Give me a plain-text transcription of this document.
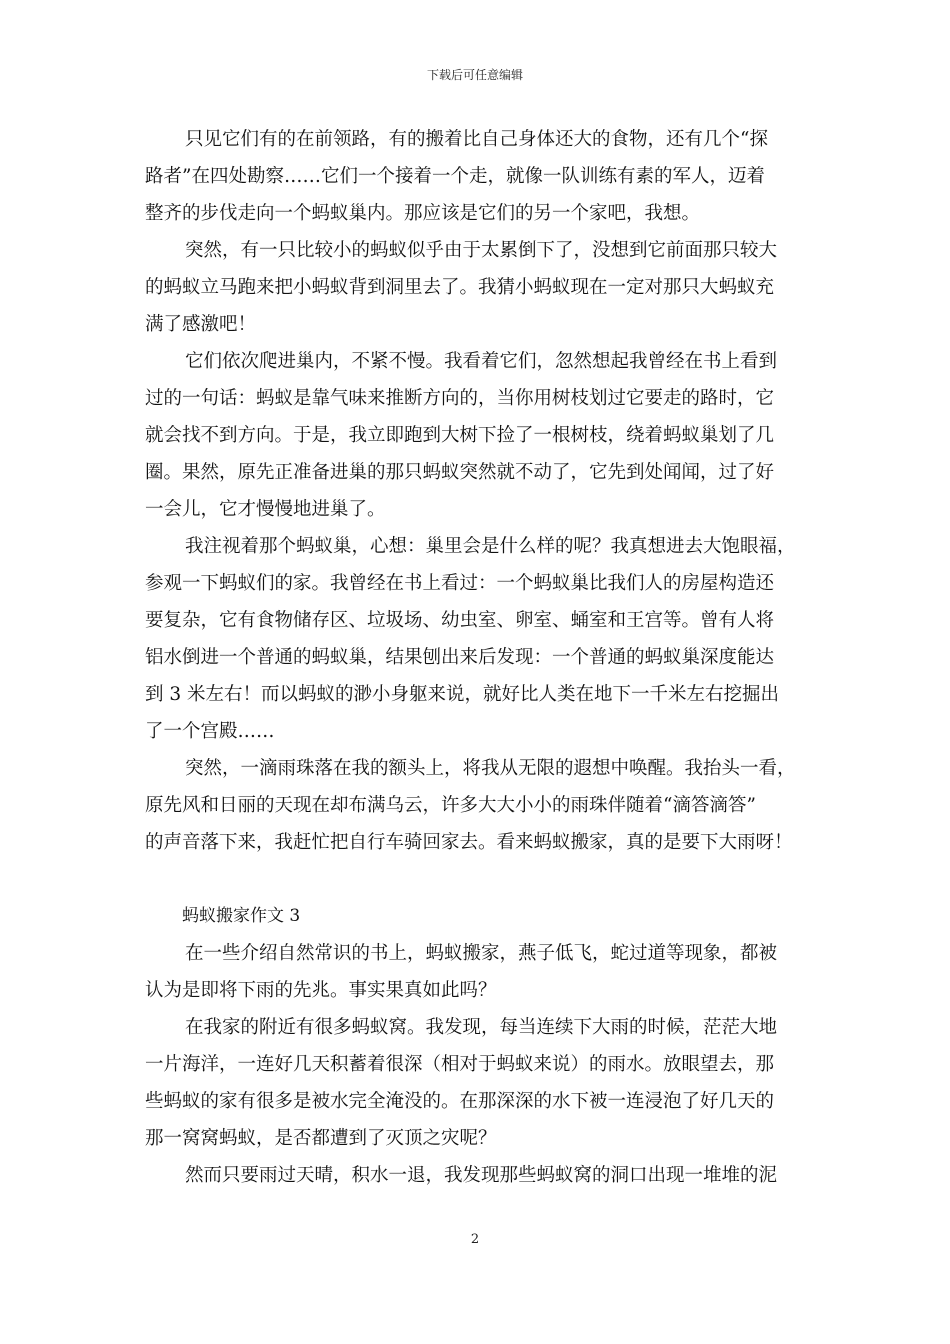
下载后可任意编辑
只见它们有的在前领路，有的搬着比自己身体还大的食物，还有几个“探
路者”在四处勘察……它们一个接着一个走，就像一队训练有素的军人，迈着
整齐的步伐走向一个蚂蚁巢内。那应该是它们的另一个家吧，我想。
突然，有一只比较小的蚂蚁似乎由于太累倒下了，没想到它前面那只较大
的蚂蚁立马跑来把小蚂蚁背到洞里去了。我猜小蚂蚁现在一定对那只大蚂蚁充
满了感激吧！
它们依次爬进巢内，不紧不慢。我看着它们，忽然想起我曾经在书上看到
过的一句话：蚂蚁是靠气味来推断方向的，当你用树枝划过它要走的路时，它
就会找不到方向。于是，我立即跑到大树下捡了一根树枝，绕着蚂蚁巢划了几
圈。果然，原先正准备进巢的那只蚂蚁突然就不动了，它先到处闻闻，过了好
一会儿，它才慢慢地进巢了。
我注视着那个蚂蚁巢，心想：巢里会是什么样的呢？我真想进去大饱眼福，
参观一下蚂蚁们的家。我曾经在书上看过：一个蚂蚁巢比我们人的房屋构造还
要复杂，它有食物储存区、垃圾场、幼虫室、卵室、蛹室和王宫等。曾有人将
铝水倒进一个普通的蚂蚁巢，结果刨出来后发现：一个普通的蚂蚁巢深度能达
到 3 米左右！而以蚂蚁的渺小身躯来说，就好比人类在地下一千米左右挖掘出
了一个宫殿……
突然，一滴雨珠落在我的额头上，将我从无限的遐想中唤醒。我抬头一看，
原先风和日丽的天现在却布满乌云，许多大大小小的雨珠伴随着“滴答滴答”
的声音落下来，我赶忙把自行车骑回家去。看来蚂蚁搬家，真的是要下大雨呀！
蚂蚁搬家作文 3
在一些介绍自然常识的书上，蚂蚁搬家，燕子低飞，蛇过道等现象，都被
认为是即将下雨的先兆。事实果真如此吗？
在我家的附近有很多蚂蚁窝。我发现，每当连续下大雨的时候，茫茫大地
一片海洋，一连好几天积蓄着很深（相对于蚂蚁来说）的雨水。放眼望去，那
些蚂蚁的家有很多是被水完全淹没的。在那深深的水下被一连浸泡了好几天的
那一窝窝蚂蚁，是否都遭到了灭顶之灾呢？
然而只要雨过天晴，积水一退，我发现那些蚂蚁窝的洞口出现一堆堆的泥
2
